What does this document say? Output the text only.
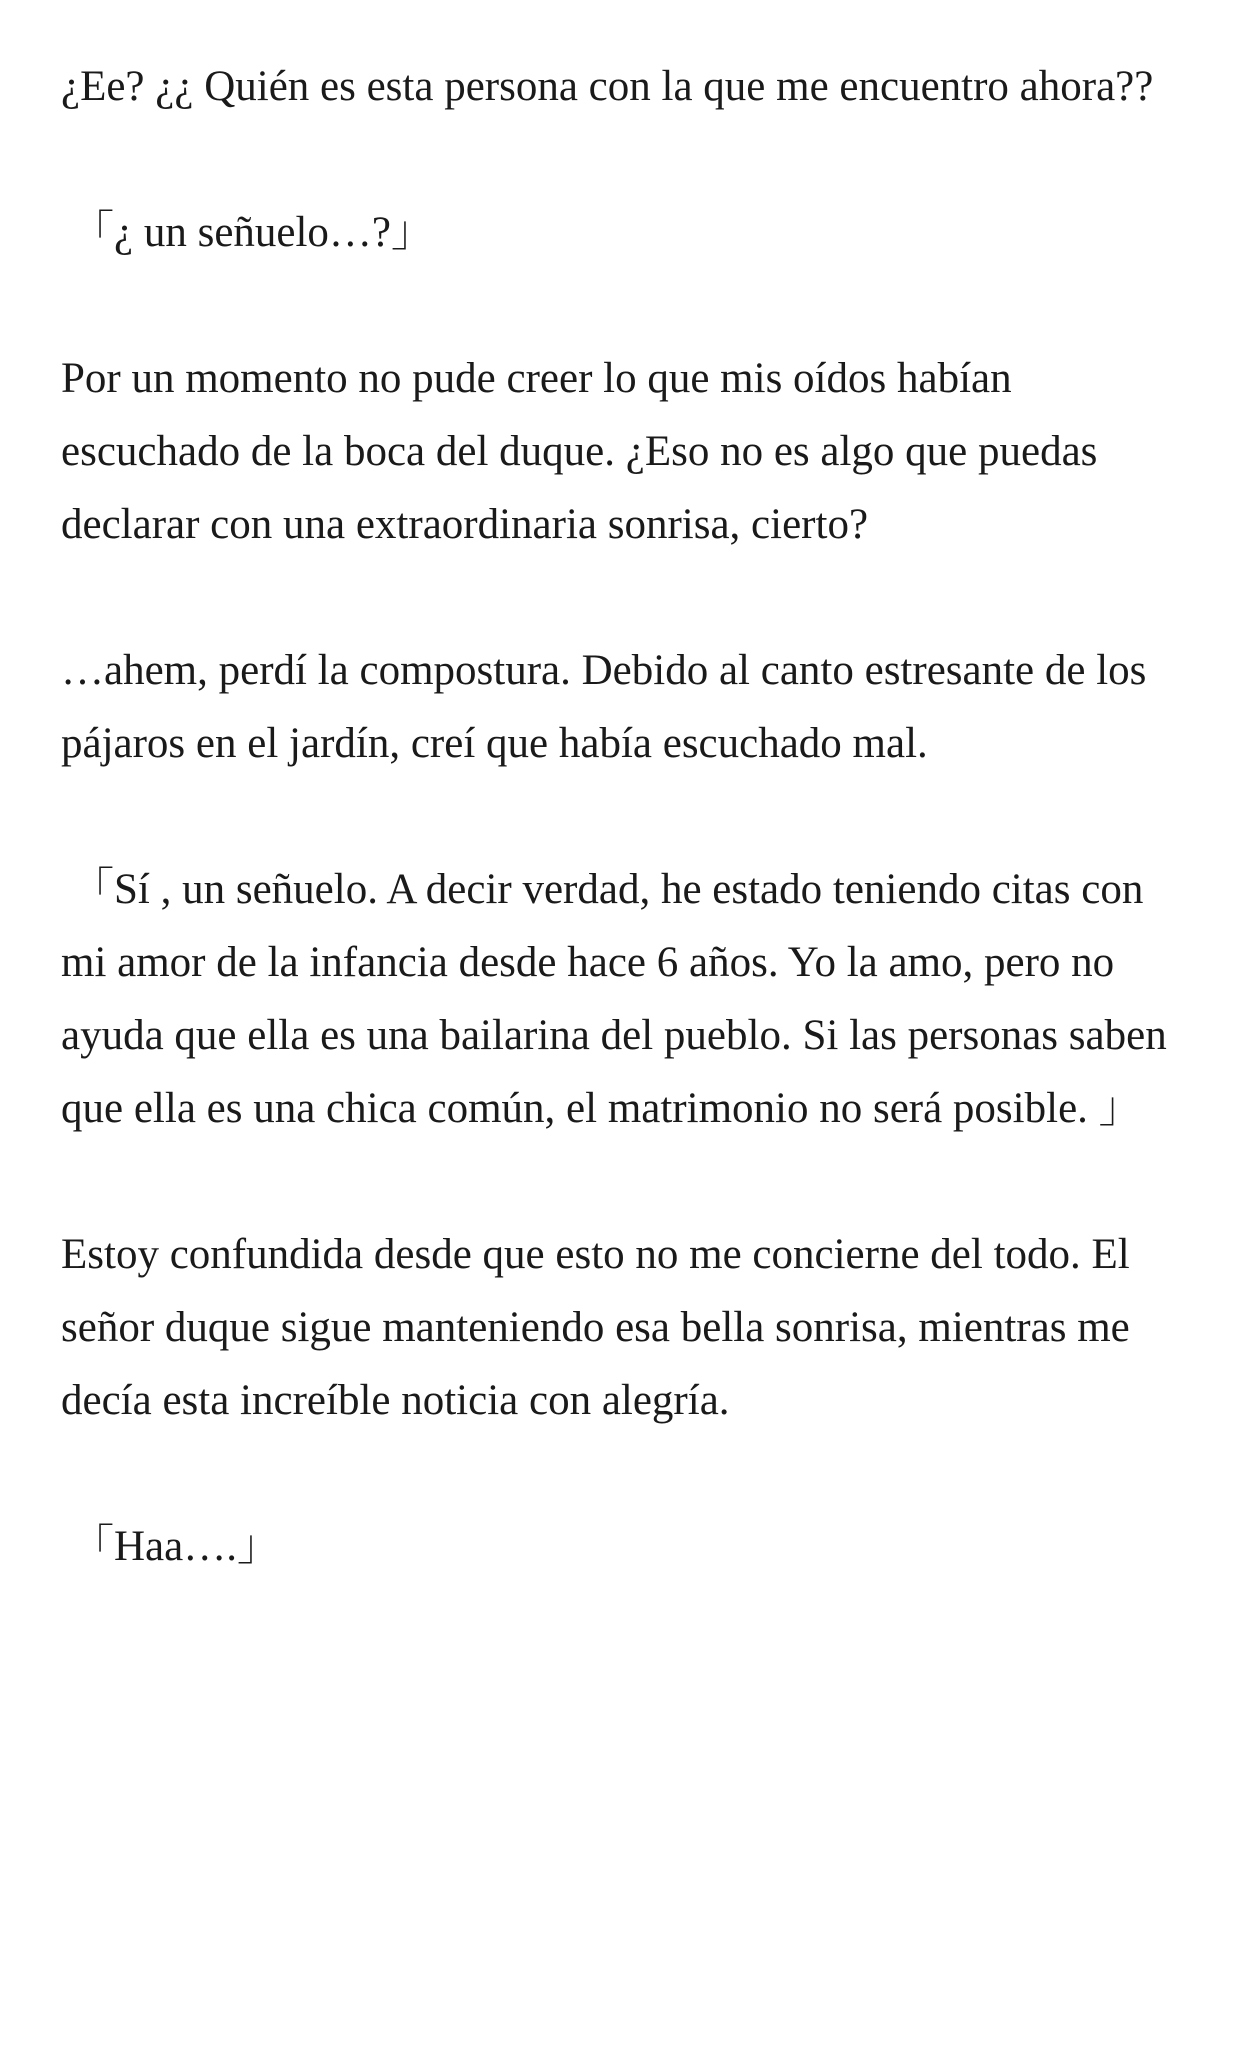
¿Ee? ¿¿ Quién es esta persona con la que me encuentro ahora??

「¿ un señuelo…?」

Por un momento no pude creer lo que mis oídos habían escuchado de la boca del duque. ¿Eso no es algo que puedas declarar con una extraordinaria sonrisa, cierto?

…ahem, perdí la compostura. Debido al canto estresante de los pájaros en el jardín, creí que había escuchado mal.

「Sí , un señuelo. A decir verdad, he estado teniendo citas con mi amor de la infancia desde hace 6 años. Yo la amo, pero no ayuda que ella es una bailarina del pueblo. Si las personas saben que ella es una chica común, el matrimonio no será posible. 」

Estoy confundida desde que esto no me concierne del todo. El señor duque sigue manteniendo esa bella sonrisa, mientras me decía esta increíble noticia con alegría.

「Haa….」
